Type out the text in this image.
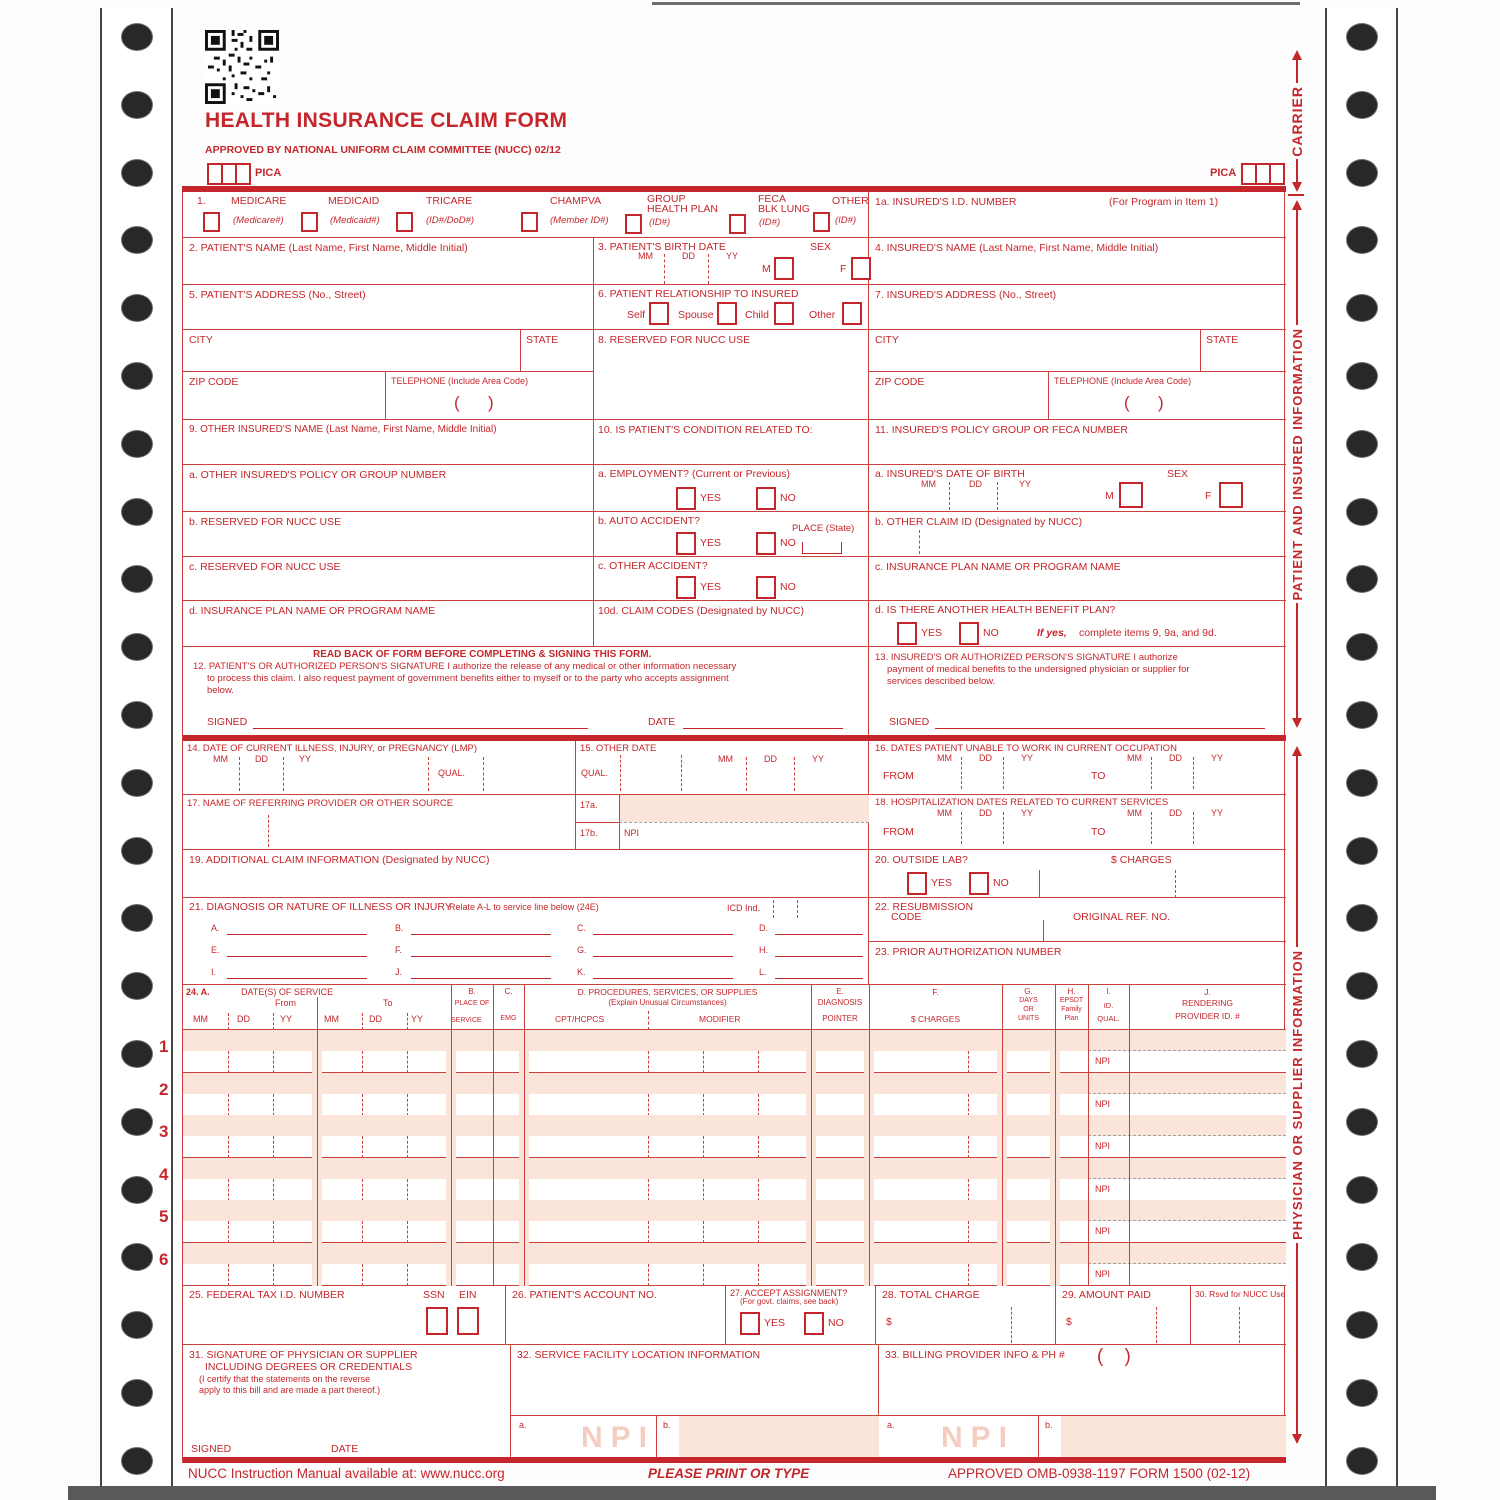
HEALTH INSURANCE CLAIM FORM
APPROVED BY NATIONAL UNIFORM CLAIM COMMITTEE (NUCC) 02/12
PICA	PICA
CARRIER
PATIENT AND INSURED INFORMATION
PHYSICIAN OR SUPPLIER INFORMATION
1. MEDICARE
(Medicare#)
MEDICAID
(Medicaid#)
TRICARE
(ID#/DoD#)
CHAMPVA
(Member ID#)
GROUP
HEALTH PLAN
(ID#)
FECA
BLK LUNG
(ID#)
OTHER
(ID#)
1a. INSURED'S I.D. NUMBER	(For Program in Item 1)
2. PATIENT'S NAME (Last Name, First Name, Middle Initial)	3. PATIENT'S BIRTH DATE
MM	DD	YY
SEX
M	F
4. INSURED'S NAME (Last Name, First Name, Middle Initial)
5. PATIENT'S ADDRESS (No., Street)	6. PATIENT RELATIONSHIP TO INSURED
Self	Spouse	Child	Other
7. INSURED'S ADDRESS (No., Street)
CITY	STATE	8. RESERVED FOR NUCC USE	CITY	STATE
ZIP CODE	TELEPHONE (Include Area Code)
(      )
ZIP CODE	TELEPHONE (Include Area Code)
(      )
9. OTHER INSURED'S NAME (Last Name, First Name, Middle Initial)	10. IS PATIENT'S CONDITION RELATED TO:	11. INSURED'S POLICY GROUP OR FECA NUMBER
a. OTHER INSURED'S POLICY OR GROUP NUMBER	a. EMPLOYMENT? (Current or Previous)
YES	NO
a. INSURED'S DATE OF BIRTH
MM	DD	YY
SEX
M	F
b. RESERVED FOR NUCC USE	b. AUTO ACCIDENT?
PLACE (State)
YES	NO
b. OTHER CLAIM ID (Designated by NUCC)
c. RESERVED FOR NUCC USE	c. OTHER ACCIDENT?
YES	NO
c. INSURANCE PLAN NAME OR PROGRAM NAME
d. INSURANCE PLAN NAME OR PROGRAM NAME	10d. CLAIM CODES (Designated by NUCC)	d. IS THERE ANOTHER HEALTH BENEFIT PLAN?
YES	NO	If yes, complete items 9, 9a, and 9d.
READ BACK OF FORM BEFORE COMPLETING & SIGNING THIS FORM.
12. PATIENT'S OR AUTHORIZED PERSON'S SIGNATURE I authorize the release of any medical or other information necessary
to process this claim. I also request payment of government benefits either to myself or to the party who accepts assignment
below.
SIGNED	DATE
13. INSURED'S OR AUTHORIZED PERSON'S SIGNATURE I authorize
payment of medical benefits to the undersigned physician or supplier for
services described below.
SIGNED
14. DATE OF CURRENT ILLNESS, INJURY, or PREGNANCY (LMP)
MM	DD	YY
QUAL.
15. OTHER DATE
QUAL.
MM	DD	YY
16. DATES PATIENT UNABLE TO WORK IN CURRENT OCCUPATION
MM	DD	YY	MM	DD	YY
FROM	TO
17. NAME OF REFERRING PROVIDER OR OTHER SOURCE	17a.
17b.	NPI
18. HOSPITALIZATION DATES RELATED TO CURRENT SERVICES
MM	DD	YY	MM	DD	YY
FROM	TO
19. ADDITIONAL CLAIM INFORMATION (Designated by NUCC)	20. OUTSIDE LAB?	$ CHARGES
YES	NO
21. DIAGNOSIS OR NATURE OF ILLNESS OR INJURY
Relate A-L to service line below (24E)	ICD Ind.
A.	B.	C.	D.
E.	F.	G.	H.
I.	J.	K.	L.
22. RESUBMISSION
CODE	ORIGINAL REF. NO.
23. PRIOR AUTHORIZATION NUMBER
24. A.	DATE(S) OF SERVICE
From	To
MM	DD	YY	MM	DD	YY
B.
PLACE OF
SERVICE
C.
EMG
D. PROCEDURES, SERVICES, OR SUPPLIES
(Explain Unusual Circumstances)
CPT/HCPCS	MODIFIER
E.
DIAGNOSIS
POINTER
F.
$ CHARGES
G.
DAYS
OR
UNITS
H.
EPSDT
Family
Plan
I.
ID.
QUAL.
J.
RENDERING
PROVIDER ID. #
1
NPI
2
NPI
3
NPI
4
NPI
5
NPI
6
NPI
25. FEDERAL TAX I.D. NUMBER	SSN EIN	26. PATIENT'S ACCOUNT NO.	27. ACCEPT ASSIGNMENT?
(For govt. claims, see back)
YES	NO
28. TOTAL CHARGE
$
29. AMOUNT PAID
$
30. Rsvd for NUCC Use
31. SIGNATURE OF PHYSICIAN OR SUPPLIER
INCLUDING DEGREES OR CREDENTIALS
(I certify that the statements on the reverse
apply to this bill and are made a part thereof.)
SIGNED	DATE
32. SERVICE FACILITY LOCATION INFORMATION
a. NPI b.
33. BILLING PROVIDER INFO & PH # (    )
a. NPI	b.
NUCC Instruction Manual available at: www.nucc.org	PLEASE PRINT OR TYPE	APPROVED OMB-0938-1197 FORM 1500 (02-12)
